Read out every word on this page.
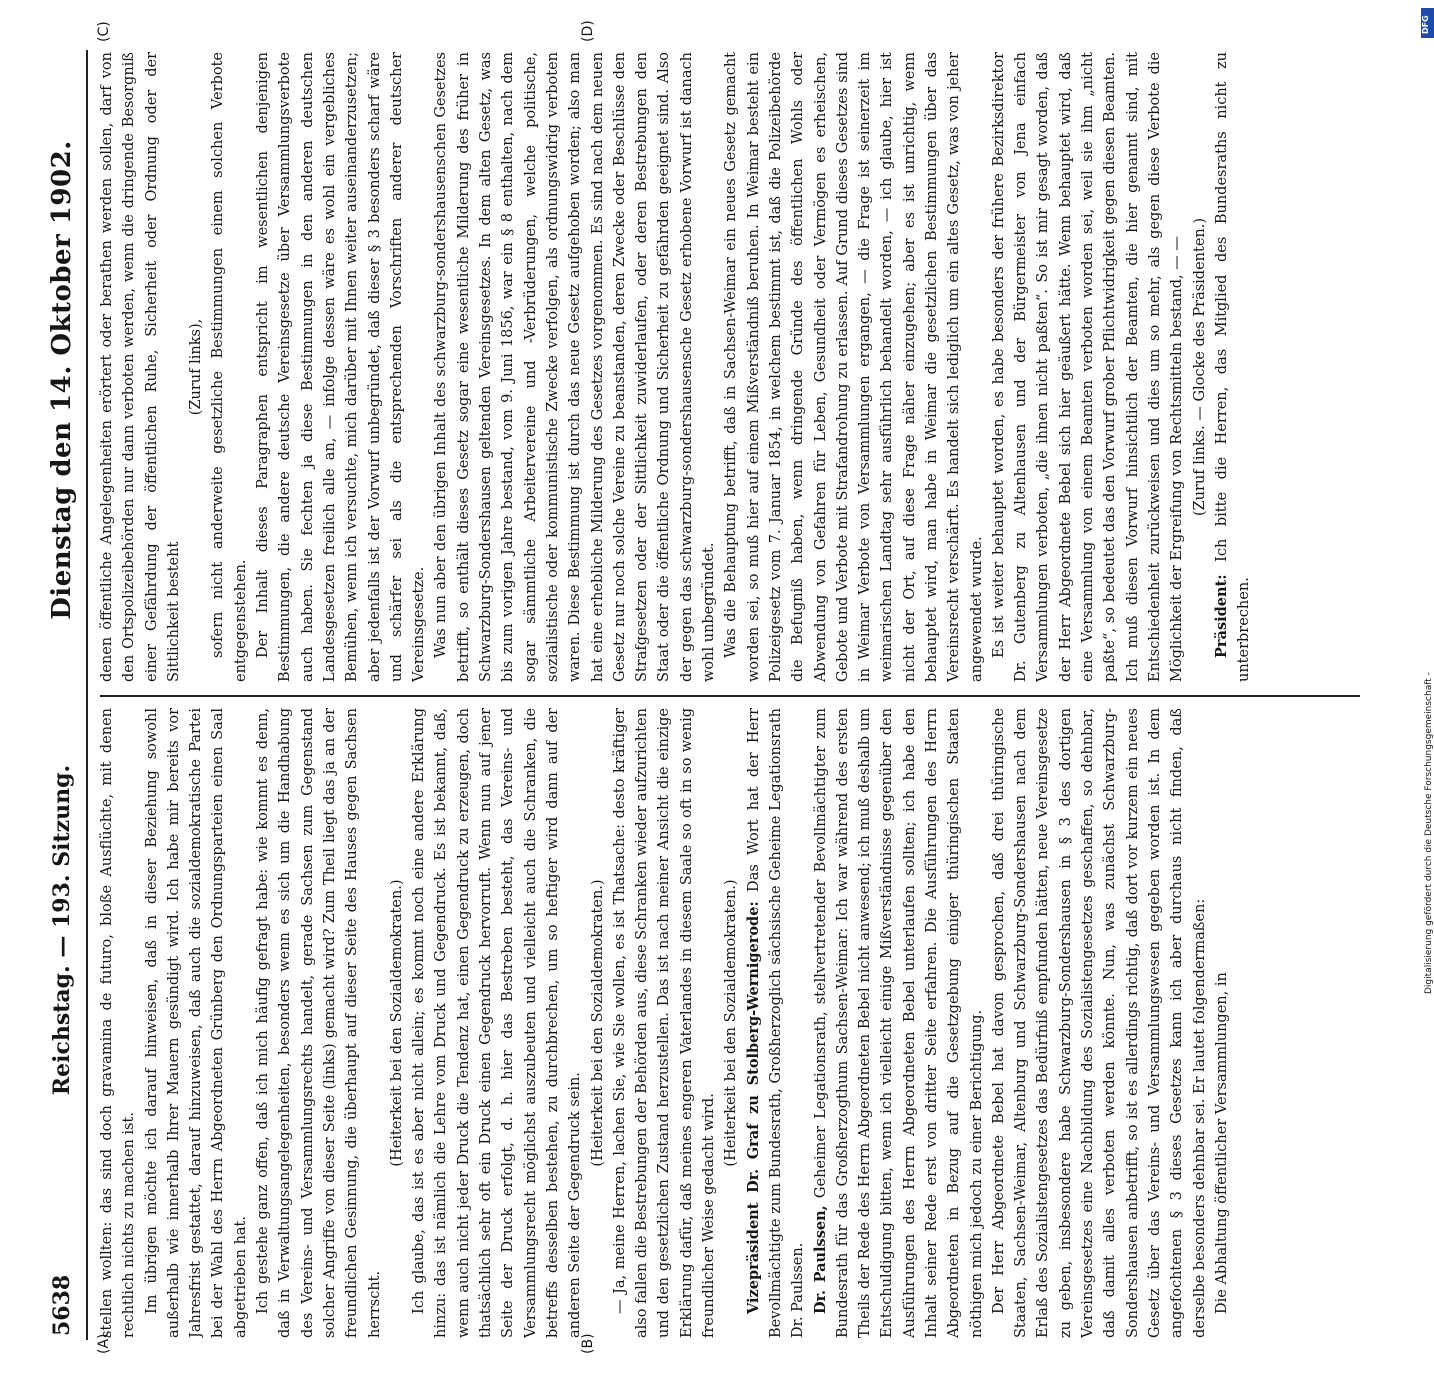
5638
Reichstag. — 193. Sitzung.
Dienstag den 14. Oktober 1902.
(A)	(B)
(C)	(D)

stellen wollten: das sind doch gravamina de futuro, bloße Ausflüchte, mit denen rechtlich nichts zu machen ist. Im übrigen möchte ich darauf hinweisen, daß in dieser Beziehung sowohl außerhalb wie innerhalb Ihrer Mauern gesündigt wird. Ich habe mir bereits vor Jahresfrist gestattet, darauf hinzuweisen, daß auch die sozialdemokratische Partei bei der Wahl des Herrn Abgeordneten Grünberg den Ordnungsparteien einen Saal abgetrieben hat. Ich gestehe ganz offen, daß ich mich häufig gefragt habe: wie kommt es denn, daß in Verwaltungsangelegenheiten, besonders wenn es sich um die Handhabung des Vereins- und Versammlungsrechts handelt, gerade Sachsen zum Gegenstand solcher Angriffe von dieser Seite (links) gemacht wird? Zum Theil liegt das ja an der freundlichen Gesinnung, die überhaupt auf dieser Seite des Hauses gegen Sachsen herrscht.

(Heiterkeit bei den Sozialdemokraten.) Ich glaube, das ist es aber nicht allein; es kommt noch eine andere Erklärung hinzu: das ist nämlich die Lehre vom Druck und Gegendruck. Es ist bekannt, daß, wenn auch nicht jeder Druck die Tendenz hat, einen Gegendruck zu erzeugen, doch thatsächlich sehr oft ein Druck einen Gegendruck hervorruft. Wenn nun auf jener Seite der Druck erfolgt, d. h. hier das Bestreben besteht, das Vereins- und Versammlungsrecht möglichst auszubeuten und vielleicht auch die Schranken, die betreffs desselben bestehen, zu durchbrechen, um so heftiger wird dann auf der anderen Seite der Gegendruck sein.

(Heiterkeit bei den Sozialdemokraten.) — Ja, meine Herren, lachen Sie, wie Sie wollen, es ist Thatsache: desto kräftiger also fallen die Bestrebungen der Behörden aus, diese Schranken wieder aufzurichten und den gesetzlichen Zustand herzustellen. Das ist nach meiner Ansicht die einzige Erklärung dafür, daß meines engeren Vaterlandes in diesem Saale so oft in so wenig freundlicher Weise gedacht wird.

(Heiterkeit bei den Sozialdemokraten.) Vizepräsident Dr. Graf zu Stolberg-Wernigerode: Das Wort hat der Herr Bevollmächtigte zum Bundesrath, Großherzoglich sächsische Geheime Legationsrath Dr. Paulssen. Dr. Paulssen, Geheimer Legationsrath, stellvertretender Bevollmächtigter zum Bundesrath für das Großherzogthum Sachsen-Weimar: Ich war während des ersten Theils der Rede des Herrn Abgeordneten Bebel nicht anwesend; ich muß deshalb um Entschuldigung bitten, wenn ich vielleicht einige Mißverständnisse gegenüber den Ausführungen des Herrn Abgeordneten Bebel unterlaufen sollten; ich habe den Inhalt seiner Rede erst von dritter Seite erfahren. Die Ausführungen des Herrn Abgeordneten in Bezug auf die Gesetzgebung einiger thüringischen Staaten nöthigen mich jedoch zu einer Berichtigung. Der Herr Abgeordnete Bebel hat davon gesprochen, daß drei thüringische Staaten, Sachsen-Weimar, Altenburg und Schwarzburg-Sondershausen nach dem Erlaß des Sozialistengesetzes das Bedürfniß empfunden hätten, neue Vereinsgesetze zu geben, insbesondere habe Schwarzburg-Sondershausen in § 3 des dortigen Vereinsgesetzes eine Nachbildung des Sozialistengesetzes geschaffen, so dehnbar, daß damit alles verboten werden könnte. Nun, was zunächst Schwarzburg-Sondershausen anbetrifft, so ist es allerdings richtig, daß dort vor kurzem ein neues Gesetz über das Vereins- und Versammlungswesen gegeben worden ist. In dem angefochtenen § 3 dieses Gesetzes kann ich aber durchaus nicht finden, daß derselbe besonders dehnbar sei. Er lautet folgendermaßen: Die Abhaltung öffentlicher Versammlungen, in

denen öffentliche Angelegenheiten erörtert oder berathen werden sollen, darf von den Ortspolizeibehörden nur dann verboten werden, wenn die dringende Besorgniß einer Gefährdung der öffentlichen Ruhe, Sicherheit oder Ordnung oder der Sittlichkeit besteht

(Zuruf links), sofern nicht anderweite gesetzliche Bestimmungen einem solchen Verbote entgegenstehen. Der Inhalt dieses Paragraphen entspricht im wesentlichen denjenigen Bestimmungen, die andere deutsche Vereinsgesetze über Versammlungsverbote auch haben. Sie fechten ja diese Bestimmungen in den anderen deutschen Landesgesetzen freilich alle an, — infolge dessen wäre es wohl ein vergebliches Bemühen, wenn ich versuchte, mich darüber mit Ihnen weiter auseinanderzusetzen; aber jedenfalls ist der Vorwurf unbegründet, daß dieser § 3 besonders scharf wäre und schärfer sei als die entsprechenden Vorschriften anderer deutscher Vereinsgesetze. Was nun aber den übrigen Inhalt des schwarzburg-sondershausenschen Gesetzes betrifft, so enthält dieses Gesetz sogar eine wesentliche Milderung des früher in Schwarzburg-Sondershausen geltenden Vereinsgesetzes. In dem alten Gesetz, was bis zum vorigen Jahre bestand, vom 9. Juni 1856, war ein § 8 enthalten, nach dem sogar sämmtliche Arbeitervereine und -Verbrüderungen, welche politische, sozialistische oder kommunistische Zwecke verfolgen, als ordnungswidrig verboten waren. Diese Bestimmung ist durch das neue Gesetz aufgehoben worden; also man hat eine erhebliche Milderung des Gesetzes vorgenommen. Es sind nach dem neuen Gesetz nur noch solche Vereine zu beanstanden, deren Zwecke oder Beschlüsse den Strafgesetzen oder der Sittlichkeit zuwiderlaufen, oder deren Bestrebungen den Staat oder die öffentliche Ordnung und Sicherheit zu gefährden geeignet sind. Also der gegen das schwarzburg-sondershausensche Gesetz erhobene Vorwurf ist danach wohl unbegründet. Was die Behauptung betrifft, daß in Sachsen-Weimar ein neues Gesetz gemacht worden sei, so muß hier auf einem Mißverständniß beruhen. In Weimar besteht ein Polizeigesetz vom 7. Januar 1854, in welchem bestimmt ist, daß die Polizeibehörde die Befugniß haben, wenn dringende Gründe des öffentlichen Wohls oder Abwendung von Gefahren für Leben, Gesundheit oder Vermögen es erheischen, Gebote und Verbote mit Strafandrohung zu erlassen. Auf Grund dieses Gesetzes sind in Weimar Verbote von Versammlungen ergangen, — die Frage ist seinerzeit im weimarischen Landtag sehr ausführlich behandelt worden, — ich glaube, hier ist nicht der Ort, auf diese Frage näher einzugehen; aber es ist unrichtig, wenn behauptet wird, man habe in Weimar die gesetzlichen Bestimmungen über das Vereinsrecht verschärft. Es handelt sich lediglich um ein altes Gesetz, was von jeher angewendet wurde. Es ist weiter behauptet worden, es habe besonders der frühere Bezirksdirektor Dr. Gutenberg zu Altenhausen und der Bürgermeister von Jena einfach Versammlungen verboten, „die ihnen nicht paßten“. So ist mir gesagt worden, daß der Herr Abgeordnete Bebel sich hier geäußert hätte. Wenn behauptet wird, daß eine Versammlung von einem Beamten verboten worden sei, weil sie ihm „nicht paßte“, so bedeutet das den Vorwurf grober Pflichtwidrigkeit gegen diesen Beamten. Ich muß diesen Vorwurf hinsichtlich der Beamten, die hier genannt sind, mit Entschiedenheit zurückweisen und dies um so mehr, als gegen diese Verbote die Möglichkeit der Ergreifung von Rechtsmitteln bestand, — — (Zuruf links. — Glocke des Präsidenten.)

Präsident: Ich bitte die Herren, das Mitglied des Bundesraths nicht zu unterbrechen.

DFG
Digitalisierung gefördert durch die Deutsche Forschungsgemeinschaft -
